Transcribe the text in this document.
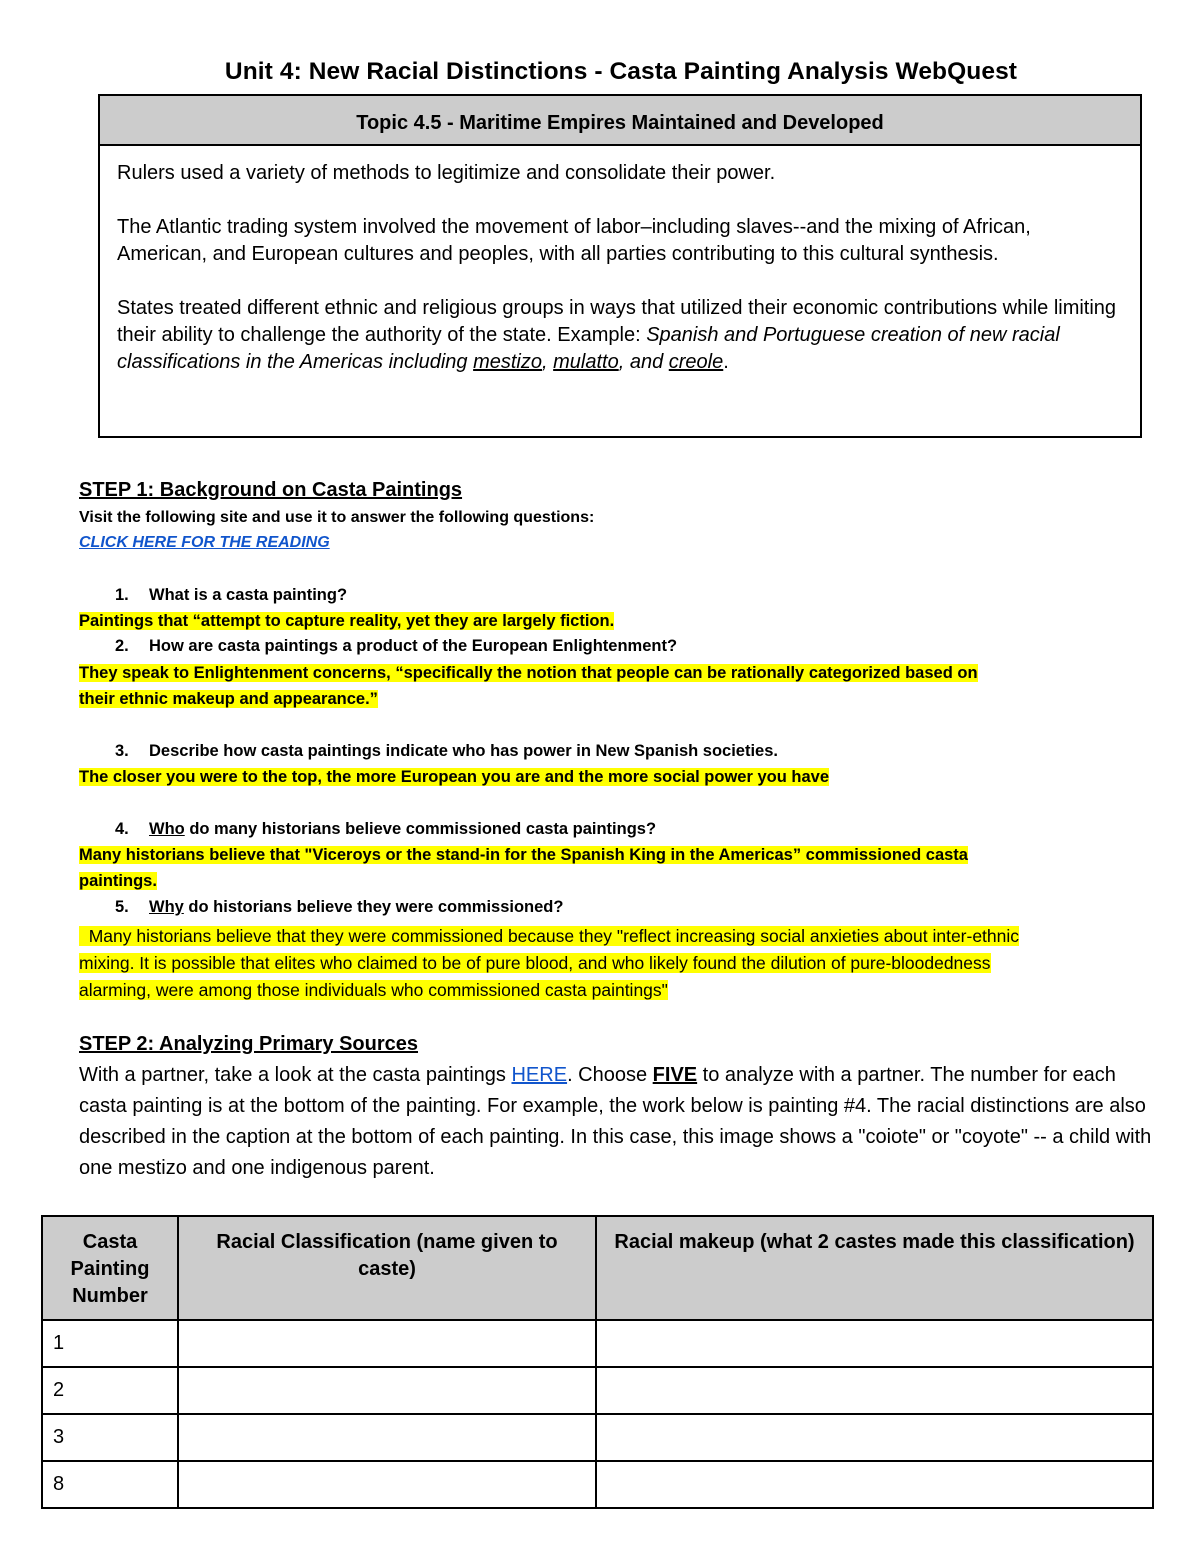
Unit 4: New Racial Distinctions - Casta Painting Analysis WebQuest
Topic 4.5 - Maritime Empires Maintained and Developed

Rulers used a variety of methods to legitimize and consolidate their power.

The Atlantic trading system involved the movement of labor–including slaves--and the mixing of African, American, and European cultures and peoples, with all parties contributing to this cultural synthesis.

States treated different ethnic and religious groups in ways that utilized their economic contributions while limiting their ability to challenge the authority of the state. Example: Spanish and Portuguese creation of new racial classifications in the Americas including mestizo, mulatto, and creole.

STEP 1: Background on Casta Paintings

Visit the following site and use it to answer the following questions:

CLICK HERE FOR THE READING
1. What is a casta painting?
Paintings that “attempt to capture reality, yet they are largely fiction.
2. How are casta paintings a product of the European Enlightenment?
They speak to Enlightenment concerns, “specifically the notion that people can be rationally categorized based on
their ethnic makeup and appearance.”
3. Describe how casta paintings indicate who has power in New Spanish societies.
The closer you were to the top, the more European you are and the more social power you have
4. Who do many historians believe commissioned casta paintings?
Many historians believe that "Viceroys or the stand-in for the Spanish King in the Americas” commissioned casta
paintings.
5. Why do historians believe they were commissioned?
Many historians believe that they were commissioned because they "reflect increasing social anxieties about inter-ethnic
mixing. It is possible that elites who claimed to be of pure blood, and who likely found the dilution of pure-bloodedness
alarming, were among those individuals who commissioned casta paintings"

STEP 2: Analyzing Primary Sources

With a partner, take a look at the casta paintings HERE. Choose FIVE to analyze with a partner. The number for each casta painting is at the bottom of the painting. For example, the work below is painting #4. The racial distinctions are also described in the caption at the bottom of each painting. In this case, this image shows a "coiote" or "coyote" -- a child with one mestizo and one indigenous parent.

Casta Painting Number	Racial Classification (name given to caste)	Racial makeup (what 2 castes made this classification)
1		
2		
3		
8		
